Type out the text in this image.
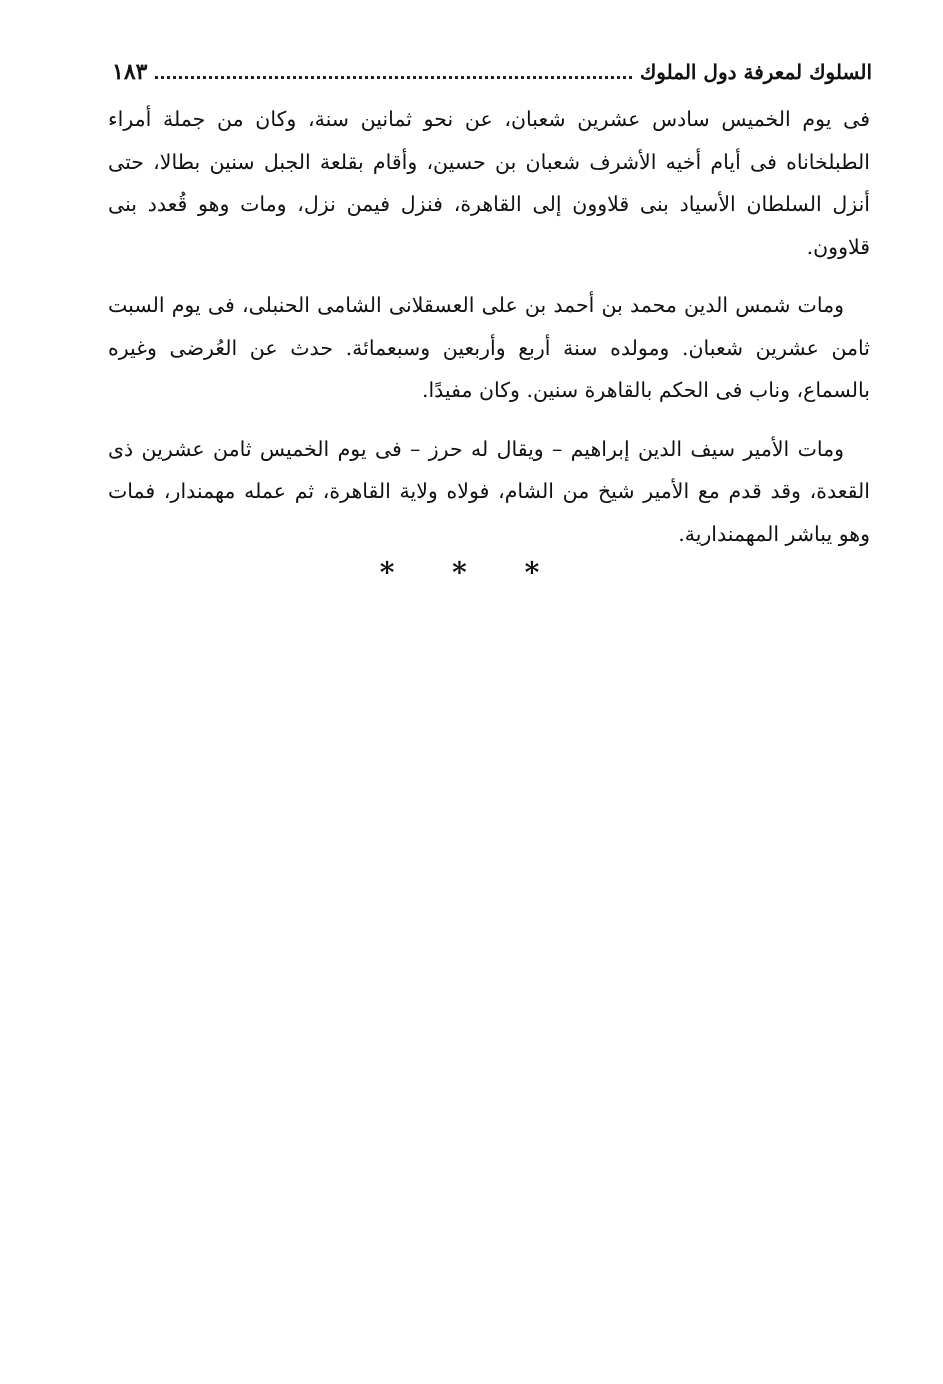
السلوك لمعرفة دول الملوك
١٨٣

فى يوم الخميس سادس عشرين شعبان، عن نحو ثمانين سنة، وكان من جملة أمراء الطبلخاناه فى أيام أخيه الأشرف شعبان بن حسين، وأقام بقلعة الجبل سنين بطالا، حتى أنزل السلطان الأسياد بنى قلاوون إلى القاهرة، فنزل فيمن نزل، ومات وهو قُعدد بنى قلاوون.

ومات شمس الدين محمد بن أحمد بن على العسقلانى الشامى الحنبلى، فى يوم السبت ثامن عشرين شعبان. ومولده سنة أربع وأربعين وسبعمائة. حدث عن العُرضى وغيره بالسماع، وناب فى الحكم بالقاهرة سنين. وكان مفيدًا.

ومات الأمير سيف الدين إبراهيم – ويقال له حرز – فى يوم الخميس ثامن عشرين ذى القعدة، وقد قدم مع الأمير شيخ من الشام، فولاه ولاية القاهرة، ثم عمله مهمندار، فمات وهو يباشر المهمندارية.

* * *
